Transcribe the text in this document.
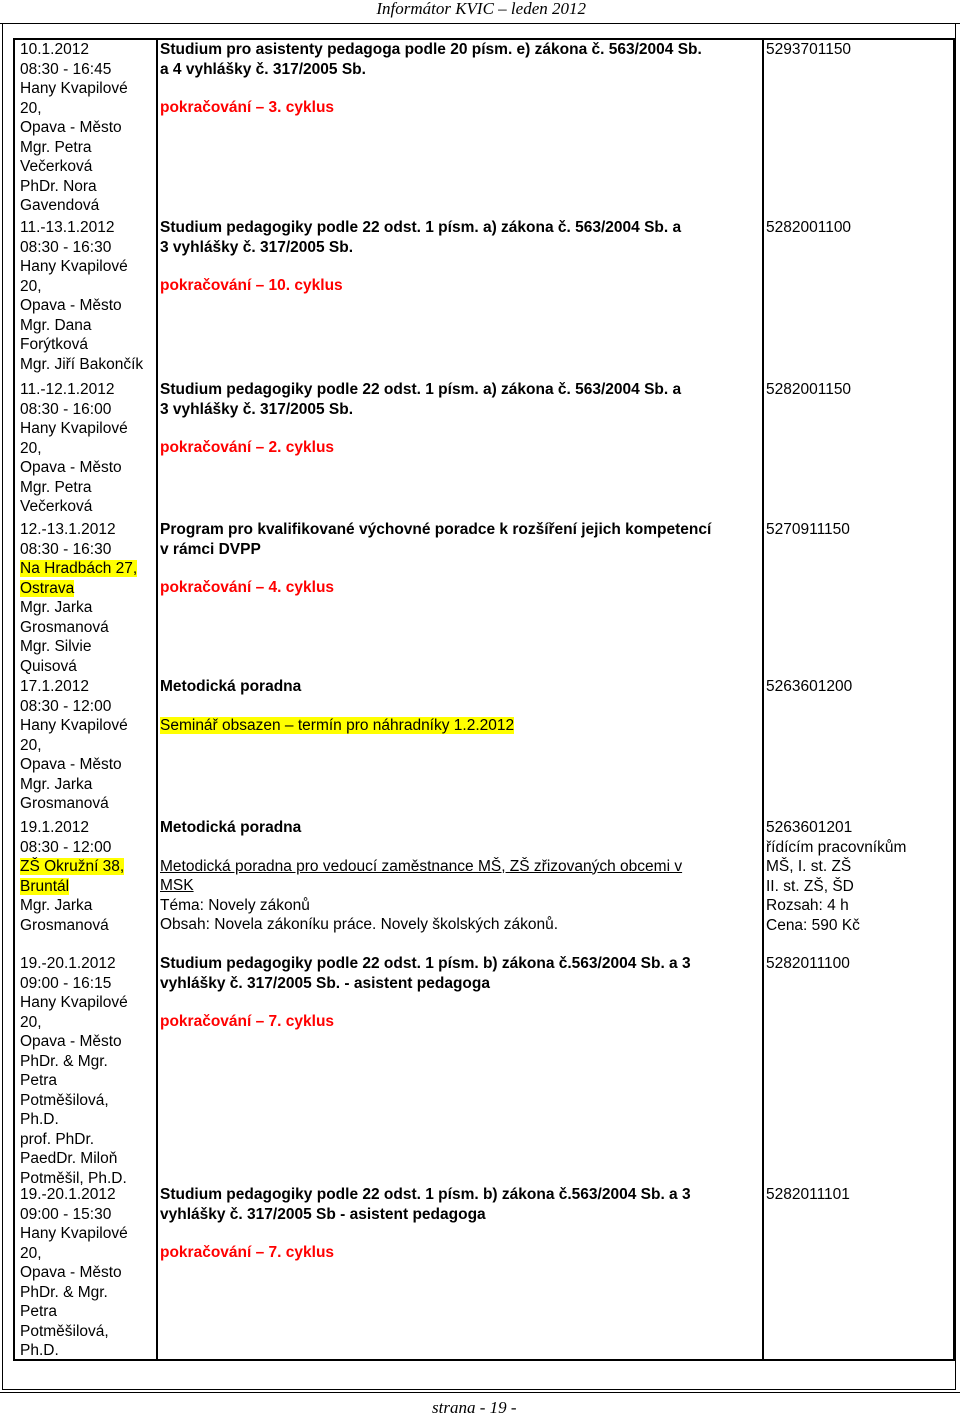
Informátor KVIC – leden 2012
10.1.2012
08:30 - 16:45
Hany Kvapilové
20,
Opava - Město
Mgr. Petra
Večerková
PhDr. Nora
Gavendová
Studium pro asistenty pedagoga podle 20 písm. e) zákona č. 563/2004 Sb.
a 4 vyhlášky č. 317/2005 Sb.
pokračování – 3. cyklus
5293701150
11.-13.1.2012
08:30 - 16:30
Hany Kvapilové
20,
Opava - Město
Mgr. Dana
Forýtková
Mgr. Jiří Bakončík
Studium pedagogiky podle 22 odst. 1 písm. a) zákona č. 563/2004 Sb. a
3 vyhlášky č. 317/2005 Sb.
pokračování – 10. cyklus
5282001100
11.-12.1.2012
08:30 - 16:00
Hany Kvapilové
20,
Opava - Město
Mgr. Petra
Večerková
Studium pedagogiky podle 22 odst. 1 písm. a) zákona č. 563/2004 Sb. a
3 vyhlášky č. 317/2005 Sb.
pokračování – 2. cyklus
5282001150
12.-13.1.2012
08:30 - 16:30
Na Hradbách 27,
Ostrava
Mgr. Jarka
Grosmanová
Mgr. Silvie
Quisová
Program pro kvalifikované výchovné poradce k rozšíření jejich kompetencí
v rámci DVPP
pokračování – 4. cyklus
5270911150
17.1.2012
08:30 - 12:00
Hany Kvapilové
20,
Opava - Město
Mgr. Jarka
Grosmanová
Metodická poradna
Seminář obsazen – termín pro náhradníky 1.2.2012
5263601200
19.1.2012
08:30 - 12:00
ZŠ Okružní 38,
Bruntál
Mgr. Jarka
Grosmanová
Metodická poradna
Metodická poradna pro vedoucí zaměstnance MŠ, ZŠ zřizovaných obcemi v
MSK
Téma: Novely zákonů
Obsah: Novela zákoníku práce. Novely školských zákonů.
5263601201
řídícím pracovníkům
MŠ, I. st. ZŠ
II. st. ZŠ, ŠD
Rozsah: 4 h
Cena: 590 Kč
19.-20.1.2012
09:00 - 16:15
Hany Kvapilové
20,
Opava - Město
PhDr. & Mgr.
Petra
Potměšilová,
Ph.D.
prof. PhDr.
PaedDr. Miloň
Potměšil, Ph.D.
Studium pedagogiky podle 22 odst. 1 písm. b) zákona č.563/2004 Sb. a 3
vyhlášky č. 317/2005 Sb. - asistent pedagoga
pokračování – 7. cyklus
5282011100
19.-20.1.2012
09:00 - 15:30
Hany Kvapilové
20,
Opava - Město
PhDr. & Mgr.
Petra
Potměšilová,
Ph.D.
Studium pedagogiky podle 22 odst. 1 písm. b) zákona č.563/2004 Sb. a 3
vyhlášky č. 317/2005 Sb - asistent pedagoga
pokračování – 7. cyklus
5282011101
strana - 19 -
